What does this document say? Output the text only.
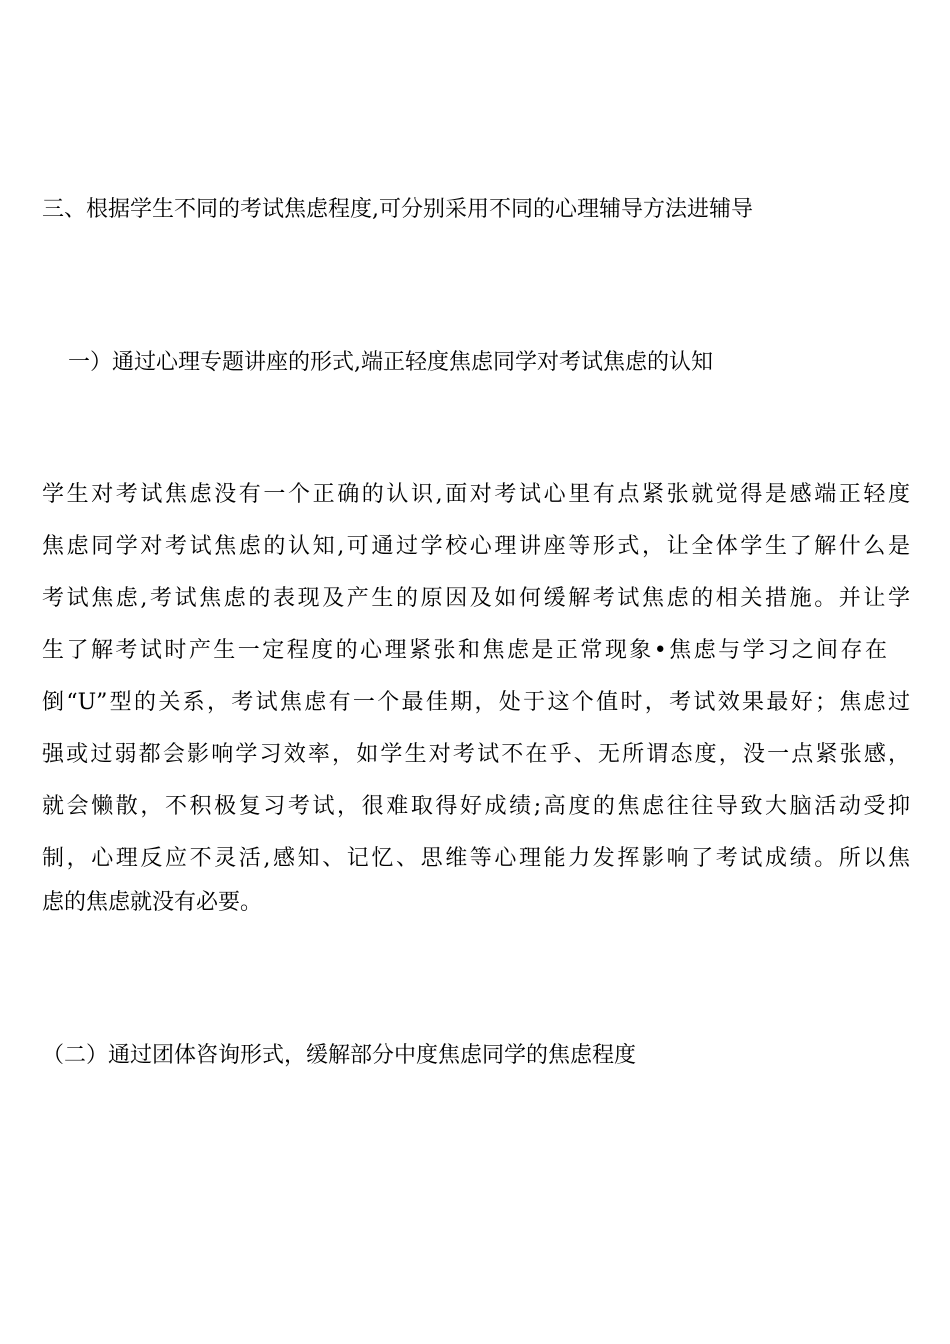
三、根据学生不同的考试焦虑程度,可分别采用不同的心理辅导方法进辅导
一）通过心理专题讲座的形式,端正轻度焦虑同学对考试焦虑的认知

学生对考试焦虑没有一个正确的认识,面对考试心里有点紧张就觉得是感端正轻度

焦虑同学对考试焦虑的认知,可通过学校心理讲座等形式，让全体学生了解什么是

考试焦虑,考试焦虑的表现及产生的原因及如何缓解考试焦虑的相关措施。并让学

生了解考试时产生一定程度的心理紧张和焦虑是正常现象•焦虑与学习之间存在

倒“U”型的关系，考试焦虑有一个最佳期，处于这个值时，考试效果最好；焦虑过

强或过弱都会影响学习效率，如学生对考试不在乎、无所谓态度，没一点紧张感，

就会懒散，不积极复习考试，很难取得好成绩;高度的焦虑往往导致大脑活动受抑

制，心理反应不灵活,感知、记忆、思维等心理能力发挥影响了考试成绩。所以焦

虑的焦虑就没有必要。

（二）通过团体咨询形式，缓解部分中度焦虑同学的焦虑程度
